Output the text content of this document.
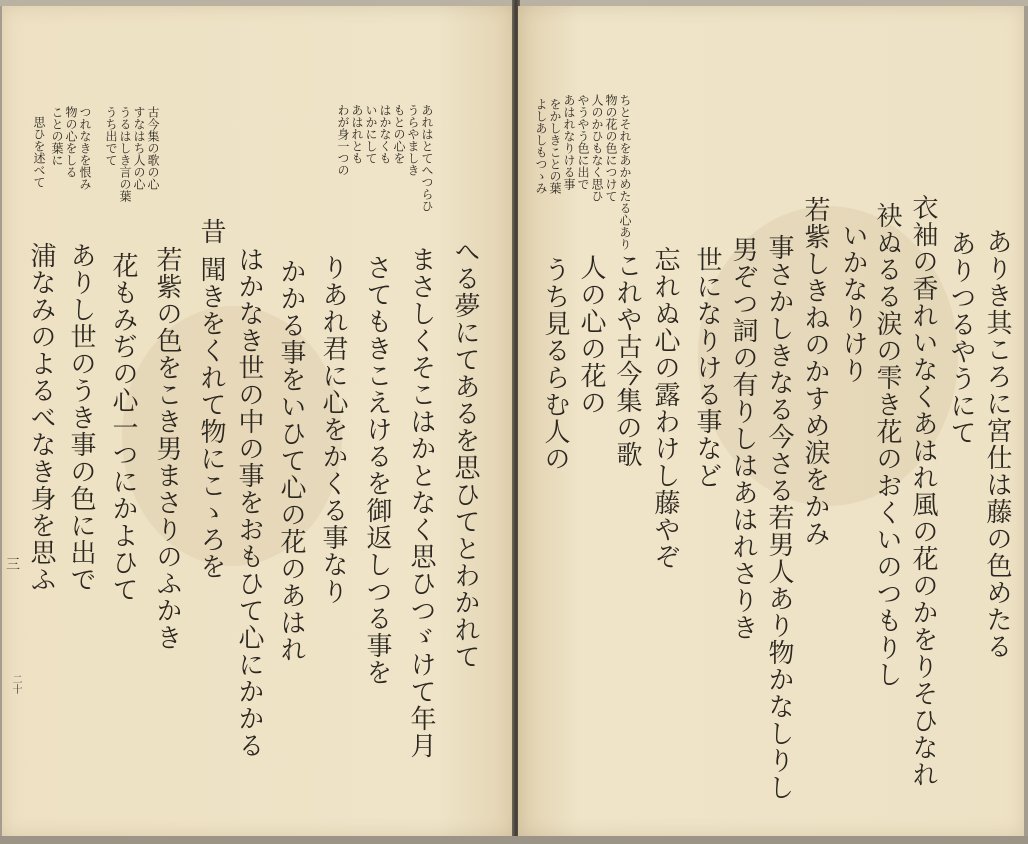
あれはとてへつらひ
うらやましき
もとの心を
はかなくも
いかにして
あはれとも
わが身一つの
古今集の歌の心
すなはち人の心
うるはしき言の葉
うち出でて
つれなきを恨み
物の心をしる
ことの葉に
思ひを述べて
へる夢にてあるを思ひてとわかれて
まさしくそこはかとなく思ひつゞけて年月
さてもきこえけるを御返しつる事を
りあれ君に心をかくる事なり
かかる事をいひて心の花のあはれ
はかなき世の中の事をおもひて心にかかる
昔
聞きをくれて物にこゝろを
若紫の色をこき男まさりのふかき
花もみぢの心一つにかよひて
ありし世のうき事の色に出で
浦なみのよるべなき身を思ふ
三
二十
ちとそれをあかめたる心あり
物の花の色につけて
人のかひもなく思ひ
やうやう色に出で
あはれなりける事
をかしきことの葉
よしあしもつゝみ
ありき其ころに宮仕は藤の色めたる
ありつるやうにて
衣袖の香れいなくあはれ風の花のかをりそひなれ
袂ぬるる涙の雫き花のおくいのつもりし
いかなりけり
若紫しきねのかすめ涙をかみ
事さかしきなる今さる若男人あり物かなしりし
男ぞつ詞の有りしはあはれさりき
世になりける事など
忘れぬ心の露わけし藤やぞ
これや古今集の歌
人の心の花の
うち見るらむ人の
